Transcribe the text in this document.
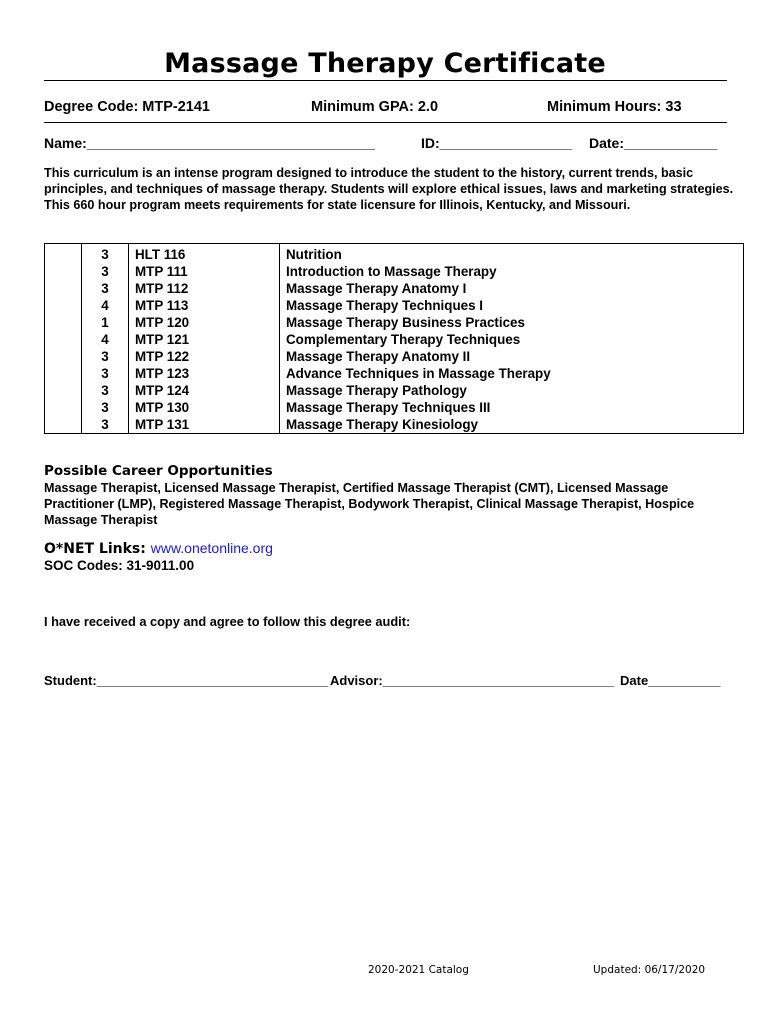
Massage Therapy Certificate
Degree Code: MTP-2141	Minimum GPA: 2.0	Minimum Hours: 33
Name:_____________________________________	ID:_________________ Date:____________
This curriculum is an intense program designed to introduce the student to the history, current trends, basic principles, and techniques of massage therapy. Students will explore ethical issues, laws and marketing strategies. This 660 hour program meets requirements for state licensure for Illinois, Kentucky, and Missouri.
	3	HLT 116	Nutrition
	3	MTP 111	Introduction to Massage Therapy
	3	MTP 112	Massage Therapy Anatomy I
	4	MTP 113	Massage Therapy Techniques I
	1	MTP 120	Massage Therapy Business Practices
	4	MTP 121	Complementary Therapy Techniques
	3	MTP 122	Massage Therapy Anatomy II
	3	MTP 123	Advance Techniques in Massage Therapy
	3	MTP 124	Massage Therapy Pathology
	3	MTP 130	Massage Therapy Techniques III
	3	MTP 131	Massage Therapy Kinesiology
Possible Career Opportunities
Massage Therapist, Licensed Massage Therapist, Certified Massage Therapist (CMT), Licensed Massage Practitioner (LMP), Registered Massage Therapist, Bodywork Therapist, Clinical Massage Therapist, Hospice Massage Therapist
O*NET Links: www.onetonline.org
SOC Codes: 31-9011.00
I have received a copy and agree to follow this degree audit:
Student:________________________________ Advisor:________________________________ Date__________
2020-2021 Catalog	Updated: 06/17/2020
